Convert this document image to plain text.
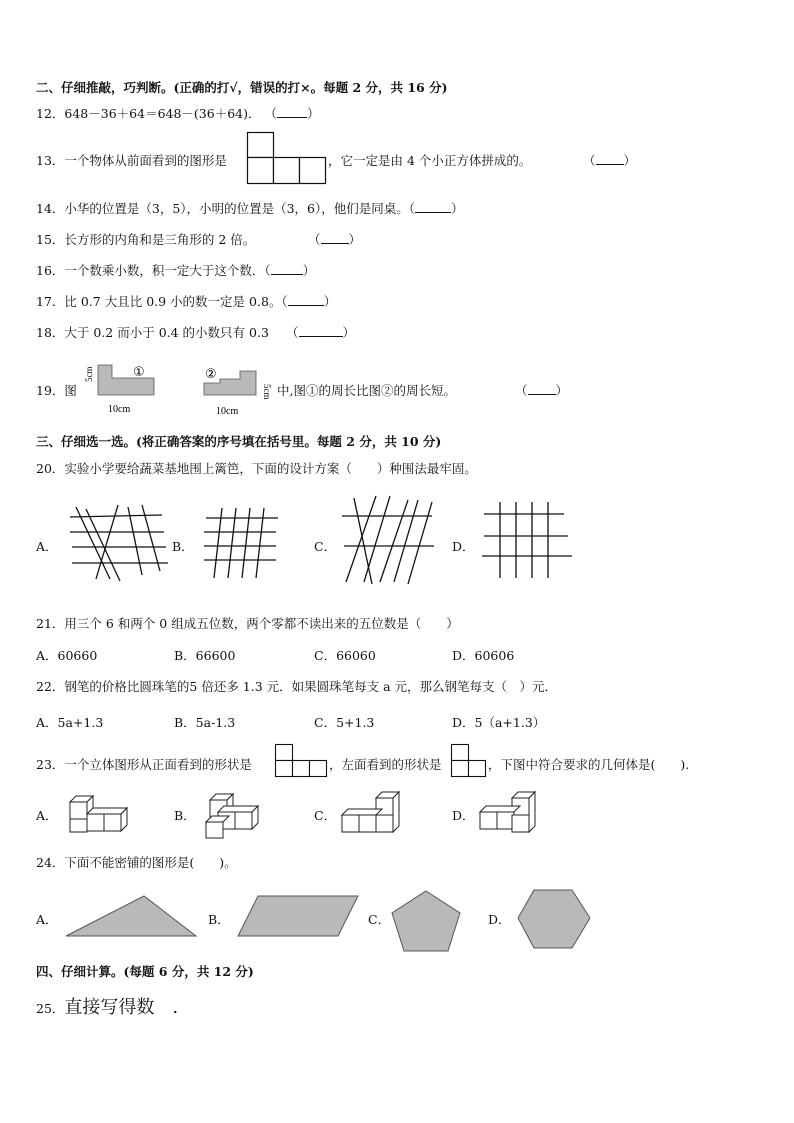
二、仔细推敲，巧判断。(正确的打√，错误的打×。每题 2 分，共 16 分)
12．648－36＋64＝648－(36＋64)． （ ）
13．一个物体从前面看到的图形是	，它一定是由 4 个小正方体拼成的。	（ ）
14．小华的位置是（3，5），小明的位置是（3，6），他们是同桌。（	）
15．长方形的内角和是三角形的 2 倍。	（ ）
16．一个数乘小数，积一定大于这个数．（	）
17．比 0.7 大且比 0.9 小的数一定是 0.8。（	）
18．大于 0.2 而小于 0.4 的小数只有 0.3 （	）
19．图
5cm	①
10cm
②
5cm
10cm
中,图①的周长比图②的周长短。	（ ）
三、仔细选一选。(将正确答案的序号填在括号里。每题 2 分，共 10 分)
20．实验小学要给蔬菜基地围上篱笆，下面的设计方案（　　）种围法最牢固。
A．	B．	C．	D．
21．用三个 6 和两个 0 组成五位数，两个零都不读出来的五位数是（　　）
A．60660	B．66600	C．66060	D．60606
22．钢笔的价格比圆珠笔的5 倍还多 1.3 元．如果圆珠笔每支 a 元，那么钢笔每支（　）元．
A．5a+1.3	B．5a-1.3	C．5+1.3	D．5（a+1.3）
23．一个立体图形从正面看到的形状是	，左面看到的形状是	，下图中符合要求的几何体是(　　).
A．	B．	C．	D．
24．下面不能密铺的图形是(　　)。
A．	B．	C．	D．
四、仔细计算。(每题 6 分，共 12 分)
25．直接写得数　.
